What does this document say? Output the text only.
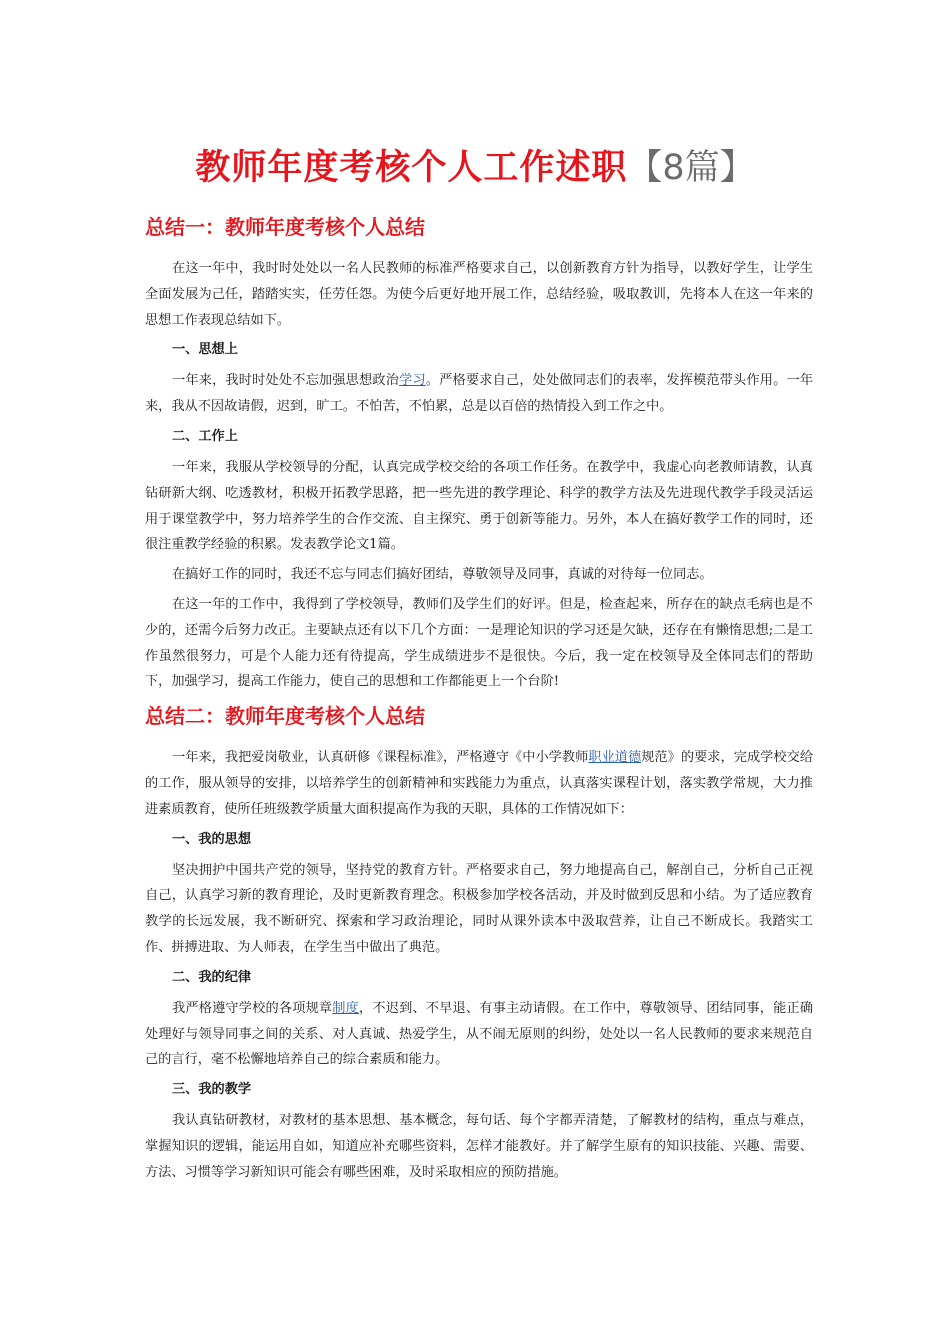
教师年度考核个人工作述职【8篇】
总结一：教师年度考核个人总结

在这一年中，我时时处处以一名人民教师的标准严格要求自己，以创新教育方针为指导，以教好学生，让学生全面发展为己任，踏踏实实，任劳任怨。为使今后更好地开展工作，总结经验，吸取教训，先将本人在这一年来的思想工作表现总结如下。

一、思想上

一年来，我时时处处不忘加强思想政治学习。严格要求自己，处处做同志们的表率，发挥模范带头作用。一年来，我从不因故请假，迟到，旷工。不怕苦，不怕累，总是以百倍的热情投入到工作之中。

二、工作上

一年来，我服从学校领导的分配，认真完成学校交给的各项工作任务。在教学中，我虚心向老教师请教，认真钻研新大纲、吃透教材，积极开拓教学思路，把一些先进的教学理论、科学的教学方法及先进现代教学手段灵活运用于课堂教学中，努力培养学生的合作交流、自主探究、勇于创新等能力。另外，本人在搞好教学工作的同时，还很注重教学经验的积累。发表教学论文1篇。

在搞好工作的同时，我还不忘与同志们搞好团结，尊敬领导及同事，真诚的对待每一位同志。

在这一年的工作中，我得到了学校领导，教师们及学生们的好评。但是，检查起来，所存在的缺点毛病也是不少的，还需今后努力改正。主要缺点还有以下几个方面：一是理论知识的学习还是欠缺，还存在有懒惰思想;二是工作虽然很努力，可是个人能力还有待提高，学生成绩进步不是很快。今后，我一定在校领导及全体同志们的帮助下，加强学习，提高工作能力，使自己的思想和工作都能更上一个台阶!

总结二：教师年度考核个人总结

一年来，我把爱岗敬业，认真研修《课程标准》，严格遵守《中小学教师职业道德规范》的要求，完成学校交给的工作，服从领导的安排，以培养学生的创新精神和实践能力为重点，认真落实课程计划，落实教学常规，大力推进素质教育，使所任班级教学质量大面积提高作为我的天职，具体的工作情况如下：

一、我的思想

坚决拥护中国共产党的领导，坚持党的教育方针。严格要求自己，努力地提高自己，解剖自己，分析自己正视自己，认真学习新的教育理论，及时更新教育理念。积极参加学校各活动，并及时做到反思和小结。为了适应教育教学的长远发展，我不断研究、探索和学习政治理论，同时从课外读本中汲取营养，让自己不断成长。我踏实工作、拼搏进取、为人师表，在学生当中做出了典范。

二、我的纪律

我严格遵守学校的各项规章制度，不迟到、不早退、有事主动请假。在工作中，尊敬领导、团结同事，能正确处理好与领导同事之间的关系、对人真诚、热爱学生，从不闹无原则的纠纷，处处以一名人民教师的要求来规范自己的言行，毫不松懈地培养自己的综合素质和能力。

三、我的教学

我认真钻研教材，对教材的基本思想、基本概念，每句话、每个字都弄清楚，了解教材的结构，重点与难点，掌握知识的逻辑，能运用自如，知道应补充哪些资料，怎样才能教好。并了解学生原有的知识技能、兴趣、需要、方法、习惯等学习新知识可能会有哪些困难，及时采取相应的预防措施。
